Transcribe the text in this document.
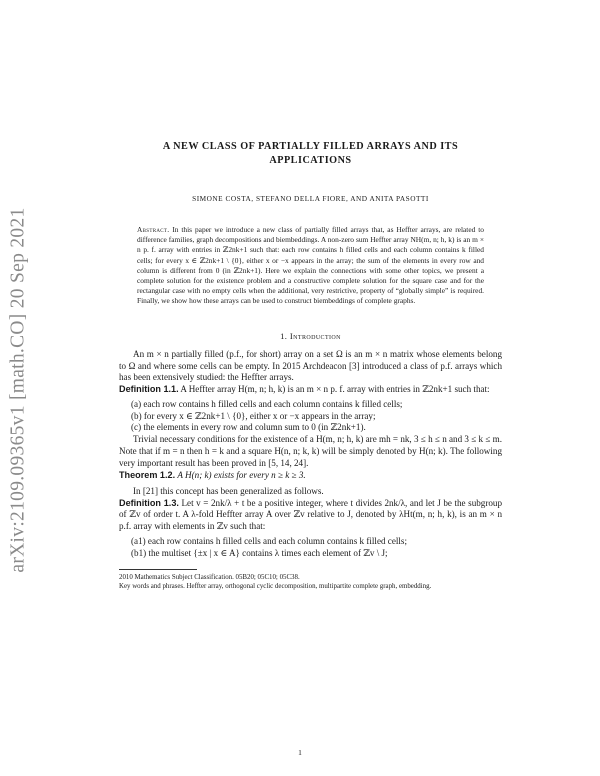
arXiv:2109.09365v1 [math.CO] 20 Sep 2021
A NEW CLASS OF PARTIALLY FILLED ARRAYS AND ITS
APPLICATIONS
SIMONE COSTA, STEFANO DELLA FIORE, AND ANITA PASOTTI
Abstract. In this paper we introduce a new class of partially filled arrays that, as Heffter arrays, are related to difference families, graph decompositions and biembeddings. A non-zero sum Heffter array NH(m, n; h, k) is an m × n p. f. array with entries in ℤ2nk+1 such that: each row contains h filled cells and each column contains k filled cells; for every x ∈ ℤ2nk+1 \ {0}, either x or −x appears in the array; the sum of the elements in every row and column is different from 0 (in ℤ2nk+1). Here we explain the connections with some other topics, we present a complete solution for the existence problem and a constructive complete solution for the square case and for the rectangular case with no empty cells when the additional, very restrictive, property of “globally simple” is required. Finally, we show how these arrays can be used to construct biembeddings of complete graphs.
1. Introduction

An m × n partially filled (p.f., for short) array on a set Ω is an m × n matrix whose elements belong to Ω and where some cells can be empty. In 2015 Archdeacon [3] introduced a class of p.f. arrays which has been extensively studied: the Heffter arrays.

Definition 1.1. A Heffter array H(m, n; h, k) is an m × n p. f. array with entries in ℤ2nk+1 such that:

(a) each row contains h filled cells and each column contains k filled cells;
(b) for every x ∈ ℤ2nk+1 \ {0}, either x or −x appears in the array;
(c) the elements in every row and column sum to 0 (in ℤ2nk+1).

Trivial necessary conditions for the existence of a H(m, n; h, k) are mh = nk, 3 ≤ h ≤ n and 3 ≤ k ≤ m. Note that if m = n then h = k and a square H(n, n; k, k) will be simply denoted by H(n; k). The following very important result has been proved in [5, 14, 24].

Theorem 1.2. A H(n; k) exists for every n ≥ k ≥ 3.

In [21] this concept has been generalized as follows.

Definition 1.3. Let v = 2nk/λ + t be a positive integer, where t divides 2nk/λ, and let J be the subgroup of ℤv of order t. A λ-fold Heffter array A over ℤv relative to J, denoted by λHt(m, n; h, k), is an m × n p.f. array with elements in ℤv such that:

(a1) each row contains h filled cells and each column contains k filled cells;
(b1) the multiset {±x | x ∈ A} contains λ times each element of ℤv \ J;
2010 Mathematics Subject Classification. 05B20; 05C10; 05C38.
Key words and phrases. Heffter array, orthogonal cyclic decomposition, multipartite complete graph, embedding.
1
